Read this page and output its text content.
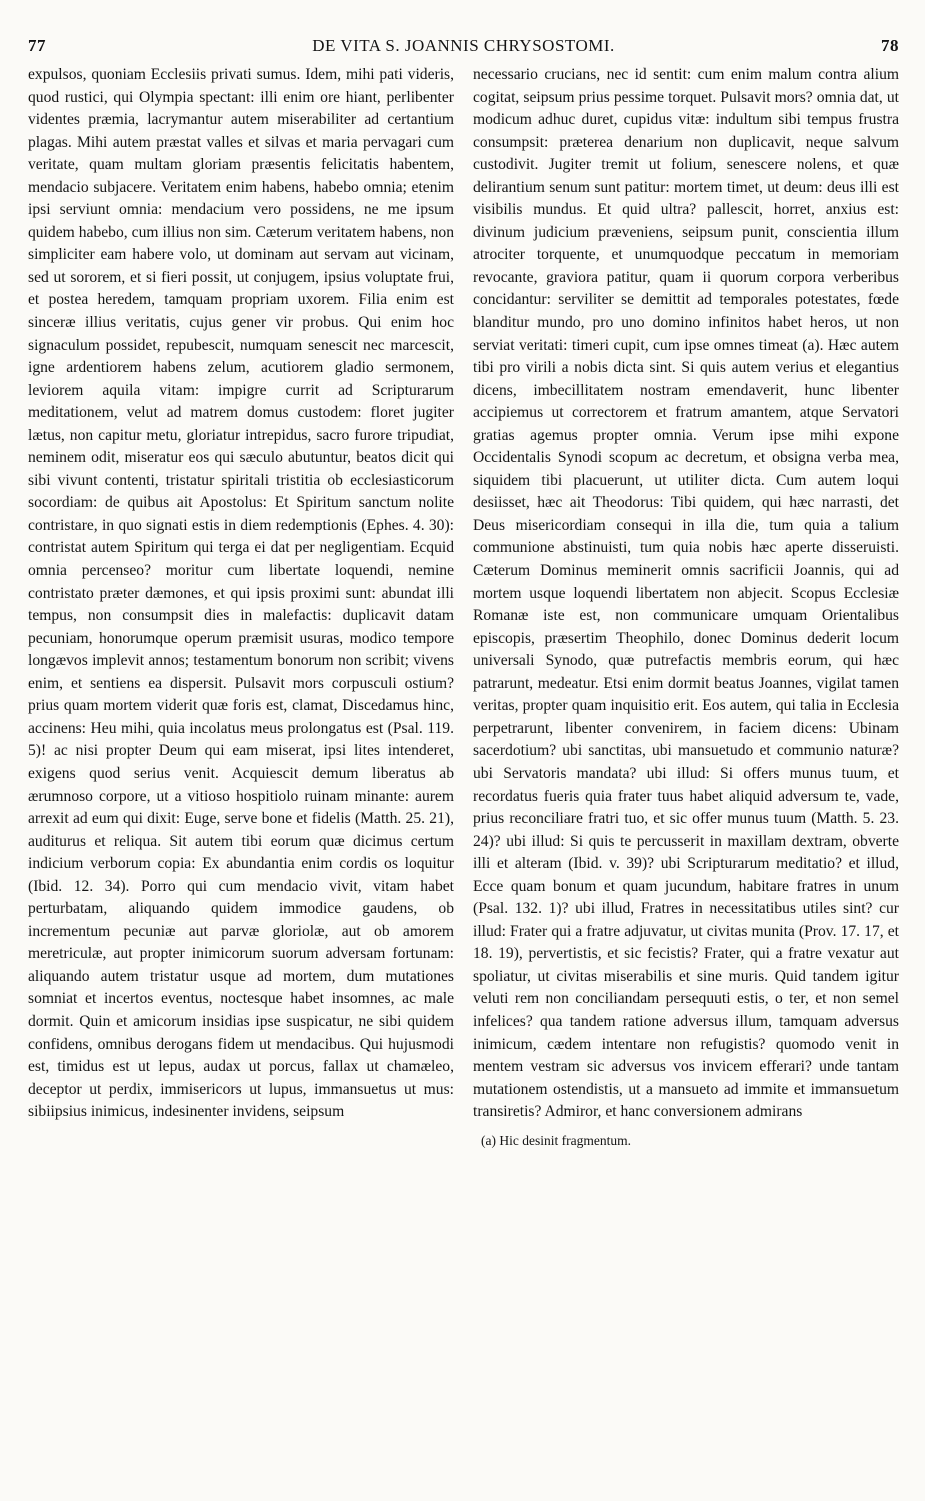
77	DE VITA S. JOANNIS CHRYSOSTOMI.	78

expulsos, quoniam Ecclesiis privati sumus. Idem, mihi pati videris, quod rustici, qui Olympia spectant: illi enim ore hiant, perlibenter videntes præmia, lacrymantur autem miserabiliter ad certantium plagas. Mihi autem præstat valles et silvas et maria pervagari cum veritate, quam multam gloriam præsentis felicitatis habentem, mendacio subjacere. Veritatem enim habens, habebo omnia; etenim ipsi serviunt omnia: mendacium vero possidens, ne me ipsum quidem habebo, cum illius non sim. Cæterum veritatem habens, non simpliciter eam habere volo, ut dominam aut servam aut vicinam, sed ut sororem, et si fieri possit, ut conjugem, ipsius voluptate frui, et postea heredem, tamquam propriam uxorem. Filia enim est sinceræ illius veritatis, cujus gener vir probus. Qui enim hoc signaculum possidet, repubescit, numquam senescit nec marcescit, igne ardentiorem habens zelum, acutiorem gladio sermonem, leviorem aquila vitam: impigre currit ad Scripturarum meditationem, velut ad matrem domus custodem: floret jugiter lætus, non capitur metu, gloriatur intrepidus, sacro furore tripudiat, neminem odit, miseratur eos qui sæculo abutuntur, beatos dicit qui sibi vivunt contenti, tristatur spiritali tristitia ob ecclesiasticorum socordiam: de quibus ait Apostolus: Et Spiritum sanctum nolite contristare, in quo signati estis in diem redemptionis (Ephes. 4. 30): contristat autem Spiritum qui terga ei dat per negligentiam. Ecquid omnia percenseo? moritur cum libertate loquendi, nemine contristato præter dæmones, et qui ipsis proximi sunt: abundat illi tempus, non consumpsit dies in malefactis: duplicavit datam pecuniam, honorumque operum præmisit usuras, modico tempore longævos implevit annos; testamentum bonorum non scribit; vivens enim, et sentiens ea dispersit. Pulsavit mors corpusculi ostium? prius quam mortem viderit quæ foris est, clamat, Discedamus hinc, accinens: Heu mihi, quia incolatus meus prolongatus est (Psal. 119. 5)! ac nisi propter Deum qui eam miserat, ipsi lites intenderet, exigens quod serius venit. Acquiescit demum liberatus ab ærumnoso corpore, ut a vitioso hospitiolo ruinam minante: aurem arrexit ad eum qui dixit: Euge, serve bone et fidelis (Matth. 25. 21), auditurus et reliqua. Sit autem tibi eorum quæ dicimus certum indicium verborum copia: Ex abundantia enim cordis os loquitur (Ibid. 12. 34). Porro qui cum mendacio vivit, vitam habet perturbatam, aliquando quidem immodice gaudens, ob incrementum pecuniæ aut parvæ gloriolæ, aut ob amorem meretriculæ, aut propter inimicorum suorum adversam fortunam: aliquando autem tristatur usque ad mortem, dum mutationes somniat et incertos eventus, noctesque habet insomnes, ac male dormit. Quin et amicorum insidias ipse suspicatur, ne sibi quidem confidens, omnibus derogans fidem ut mendacibus. Qui hujusmodi est, timidus est ut lepus, audax ut porcus, fallax ut chamæleo, deceptor ut perdix, immisericors ut lupus, immansuetus ut mus: sibiipsius inimicus, indesinenter invidens, seipsum

necessario crucians, nec id sentit: cum enim malum contra alium cogitat, seipsum prius pessime torquet. Pulsavit mors? omnia dat, ut modicum adhuc duret, cupidus vitæ: indultum sibi tempus frustra consumpsit: præterea denarium non duplicavit, neque salvum custodivit. Jugiter tremit ut folium, senescere nolens, et quæ delirantium senum sunt patitur: mortem timet, ut deum: deus illi est visibilis mundus. Et quid ultra? pallescit, horret, anxius est: divinum judicium præveniens, seipsum punit, conscientia illum atrociter torquente, et unumquodque peccatum in memoriam revocante, graviora patitur, quam ii quorum corpora verberibus concidantur: serviliter se demittit ad temporales potestates, fœde blanditur mundo, pro uno domino infinitos habet heros, ut non serviat veritati: timeri cupit, cum ipse omnes timeat (a). Hæc autem tibi pro virili a nobis dicta sint. Si quis autem verius et elegantius dicens, imbecillitatem nostram emendaverit, hunc libenter accipiemus ut correctorem et fratrum amantem, atque Servatori gratias agemus propter omnia. Verum ipse mihi expone Occidentalis Synodi scopum ac decretum, et obsigna verba mea, siquidem tibi placuerunt, ut utiliter dicta. Cum autem loqui desiisset, hæc ait Theodorus: Tibi quidem, qui hæc narrasti, det Deus misericordiam consequi in illa die, tum quia a talium communione abstinuisti, tum quia nobis hæc aperte disseruisti. Cæterum Dominus meminerit omnis sacrificii Joannis, qui ad mortem usque loquendi libertatem non abjecit. Scopus Ecclesiæ Romanæ iste est, non communicare umquam Orientalibus episcopis, præsertim Theophilo, donec Dominus dederit locum universali Synodo, quæ putrefactis membris eorum, qui hæc patrarunt, medeatur. Etsi enim dormit beatus Joannes, vigilat tamen veritas, propter quam inquisitio erit. Eos autem, qui talia in Ecclesia perpetrarunt, libenter convenirem, in faciem dicens: Ubinam sacerdotium? ubi sanctitas, ubi mansuetudo et communio naturæ? ubi Servatoris mandata? ubi illud: Si offers munus tuum, et recordatus fueris quia frater tuus habet aliquid adversum te, vade, prius reconciliare fratri tuo, et sic offer munus tuum (Matth. 5. 23. 24)? ubi illud: Si quis te percusserit in maxillam dextram, obverte illi et alteram (Ibid. v. 39)? ubi Scripturarum meditatio? et illud, Ecce quam bonum et quam jucundum, habitare fratres in unum (Psal. 132. 1)? ubi illud, Fratres in necessitatibus utiles sint? cur illud: Frater qui a fratre adjuvatur, ut civitas munita (Prov. 17. 17, et 18. 19), pervertistis, et sic fecistis? Frater, qui a fratre vexatur aut spoliatur, ut civitas miserabilis et sine muris. Quid tandem igitur veluti rem non conciliandam persequuti estis, o ter, et non semel infelices? qua tandem ratione adversus illum, tamquam adversus inimicum, cædem intentare non refugistis? quomodo venit in mentem vestram sic adversus vos invicem efferari? unde tantam mutationem ostendistis, ut a mansueto ad immite et immansuetum transiretis? Admiror, et hanc conversionem admirans

(a) Hic desinit fragmentum.
